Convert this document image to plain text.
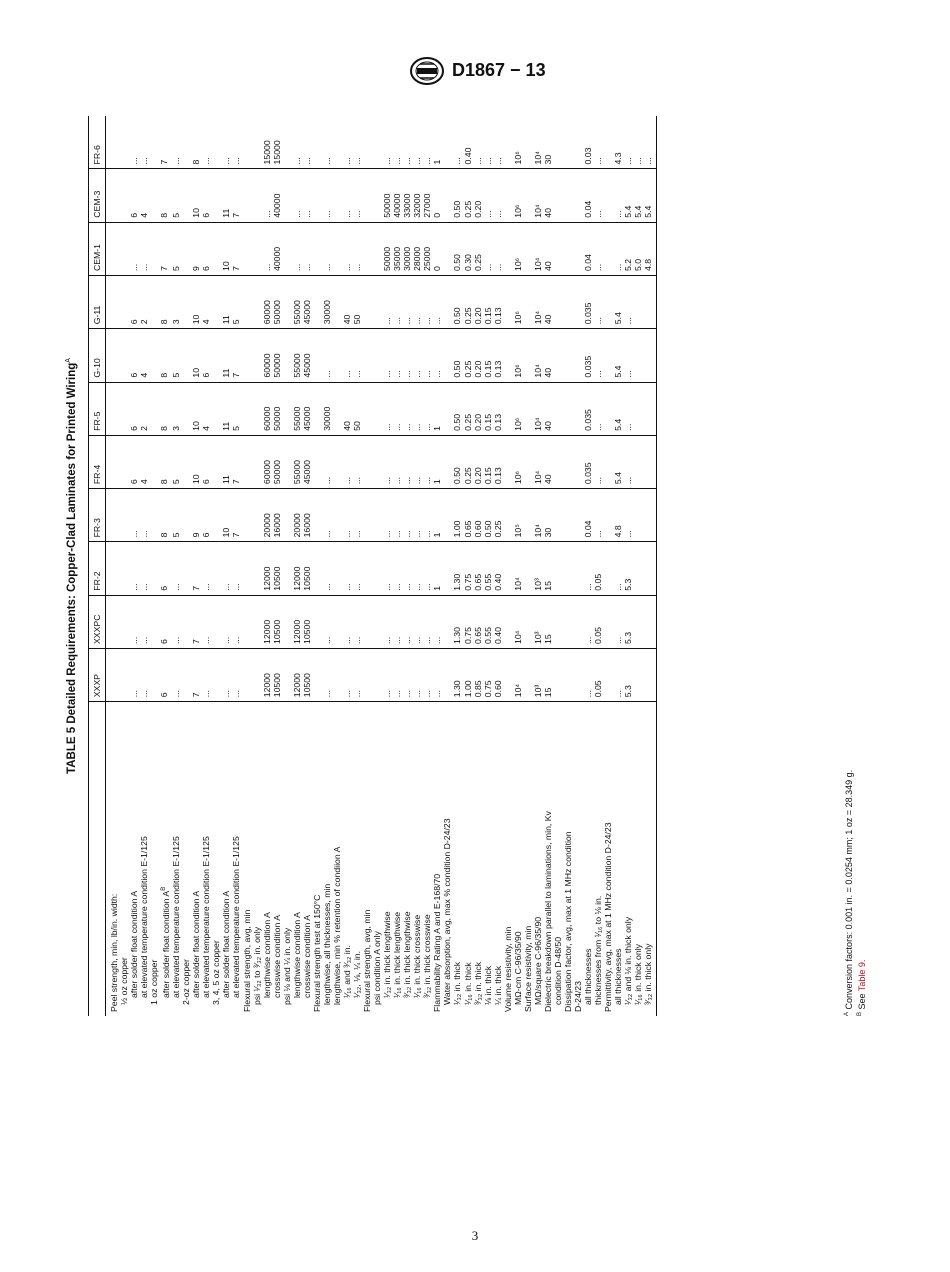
D1867 − 13
TABLE 5 Detailed Requirements: Copper-Clad Laminates for Printed Wiring$^A$
	XXXP	XXXPC	FR-2	FR-3	FR-4	FR-5	G-10	G-11	CEM-1	CEM-3	FR-6
Peel strength, min, lb/in. width:											
½ oz copper											
after solder float condition A	...	...	...	...	6	6	6	6	...	6	...
at elevated temperature condition E-1/125	...	...	...	...	4	2	4	2	...	4	...
1 oz copper											
after solder float condition $A^B$	6	6	6	8	8	8	8	8	7	8	7
at elevated temperature condition E-1/125	...	...	...	5	5	3	5	3	5	5	...
2-oz copper											
after solder float condition A	7	7	7	9	10	10	10	10	9	10	8
at elevated temperature condition E-1/125	...	...	...	6	6	4	6	4	6	6	...
3, 4, 5 oz copper											
after solder float condition A	...	...	...	10	11	11	11	11	10	11	...
at elevated temperature condition E-1/125	...	...	...	7	7	5	7	5	7	7	...
Flexural strength, avg, min											
psi ¹⁄₃₂ to ³⁄₃₂ in. only											
lengthwise condition A	12000	12000	12000	20000	60000	60000	60000	60000	...	...	15000
crosswise condition A	10500	10500	10500	16000	50000	50000	50000	50000	40000	40000	15000
psi ⅛ and ¼ in. only											
lengthwise condition A	12000	12000	12000	20000	55000	55000	55000	55000	...	...	...
crosswise condition A	10500	10500	10500	16000	45000	45000	45000	45000	...	...	...
Flexural strength test at 150°C											
lengthwise, all thicknesses, min	...	...	...	...	...	30000	...	30000	...	...	...
lengthwise, min % retention of condiion A											
¹⁄₁₆ and ³⁄₃₂ in.	...	...	...	...	...	40	...	40	...	...	...
¹⁄₃₂, ⅛, ¼ in.	...	...	...	...	...	50	...	50	...	...	...
Flexural strength, avg, min											
psi condition A only											
¹⁄₃₂ in. thick lengthwise	...	...	...	...	...	...	...	...	50000	50000	...
¹⁄₁₆ in. thick lengthwise	...	...	...	...	...	...	...	...	35000	40000	...
³⁄₃₂ in. thick lengthwise	...	...	...	...	...	...	...	...	30000	33000	...
¹⁄₁₆ in. thick crosswise	...	...	...	...	...	...	...	...	28000	32000	...
³⁄₃₂ in. thick crosswise	...	...	...	...	...	...	...	...	25000	27000	...
Flammability Rating A and E-168/70	...	...	1	1	1	1	...	...	0	0	1
Water absorption, avg, max % condition D-24/23											
¹⁄₃₂ in. thick	1.30	1.30	1.30	1.00	0.50	0.50	0.50	0.50	0.50	0.50	...
¹⁄₁₆ in. thick	1.00	0.75	0.75	0.65	0.25	0.25	0.25	0.25	0.30	0.25	0.40
³⁄₃₂ in. thick	0.85	0.65	0.65	0.60	0.20	0.20	0.20	0.20	0.25	0.20	...
⅛ in. thick	0.75	0.55	0.55	0.50	0.15	0.15	0.15	0.15	...	...	...
¼ in. thick	0.60	0.40	0.40	0.25	0.13	0.13	0.13	0.13	...	...	...
Volume resistivity, min											
MΩ-cm C-96/35/90	10⁴	10⁴	10⁴	10⁵	10⁶	10⁶	10⁶	10⁶	10⁶	10⁶	10⁶
Surface resistivity, min											
MΩ/square C-96/35/90	10³	10³	10³	10⁴	10⁴	10⁴	10⁴	10⁴	10⁴	10⁴	10⁴
Dielectric breakdown parallel to laminations, min, Kv	15	15	15	30	40	40	40	40	40	40	30
condition D-48/50											
Dissipation factor, avg, max at 1 MHz condition											
D-24/23											
all thicknesses	...	...	...	0.04	0.035	0.035	0.035	0.035	0.04	0.04	0.03
thicknesses from ¹⁄₁₆ to ⅛ in.	0.05	0.05	0.05	...	...	...	...	...	...	...	...
Permittivity, avg, max at 1 MHz condition D-24/23											
all thicknesses	...	...	...	4.8	5.4	5.4	5.4	5.4	...	...	4.3
¹⁄₃₂ and ⅛ in. thick only	5.3	5.3	5.3	...	...	...	...	...	5.2	5.4	...
¹⁄₁₆ in. thick only									5.0	5.4	...
³⁄₃₂ in. thick only									4.8	5.4	...
$^A$ Conversion factors: 0.001 in. = 0.0254 mm; 1 oz = 28.349 g.
$^B$ See Table 9.
3
